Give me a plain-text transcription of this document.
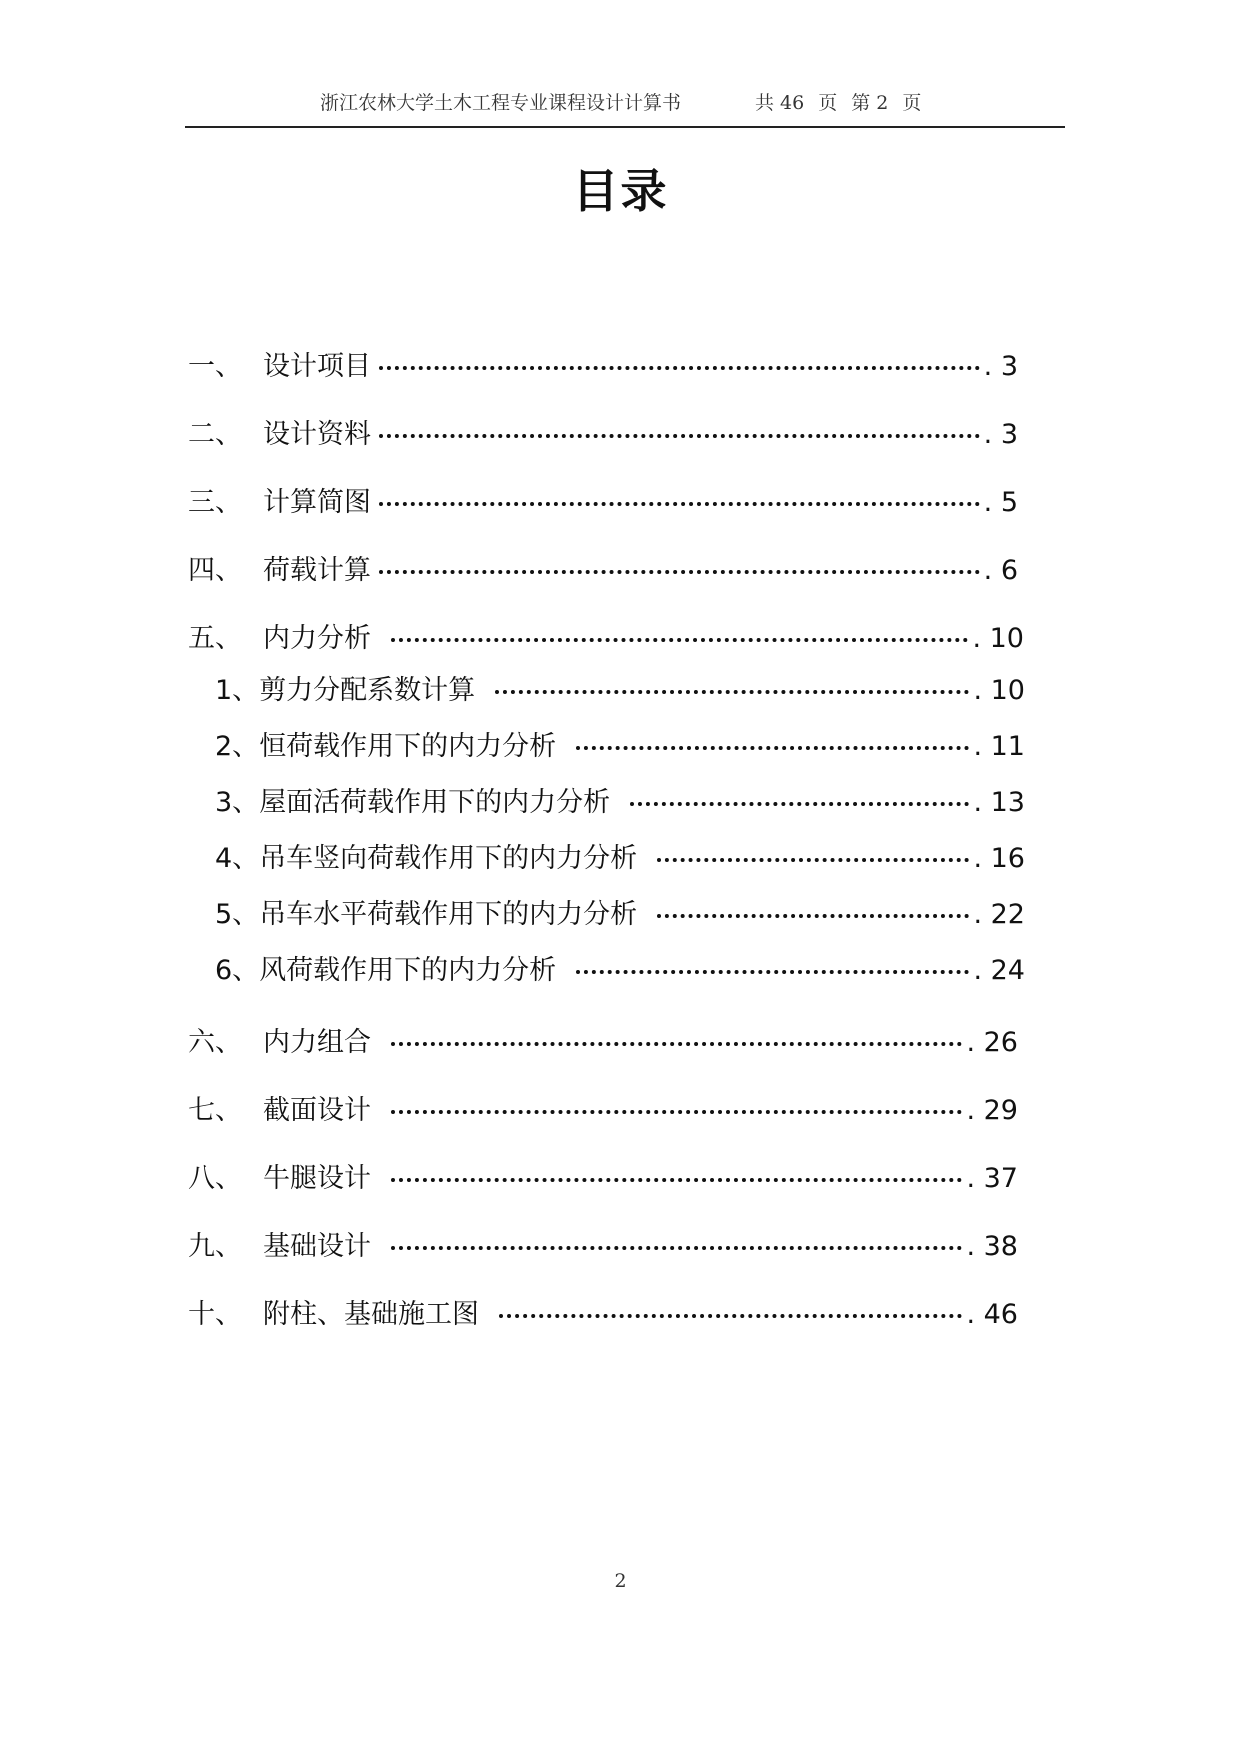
浙江农林大学土木工程专业课程设计计算书	共 46 页 第 2 页
目录
一、 设计项目	. 3
二、 设计资料	. 3
三、 计算简图	. 5
四、 荷载计算	. 6
五、 内力分析	. 10
1、 剪力分配系数计算	. 10
2、 恒荷载作用下的内力分析	. 11
3、 屋面活荷载作用下的内力分析	. 13
4、 吊车竖向荷载作用下的内力分析	. 16
5、 吊车水平荷载作用下的内力分析	. 22
6、 风荷载作用下的内力分析	. 24
六、 内力组合	. 26
七、 截面设计	. 29
八、 牛腿设计	. 37
九、 基础设计	. 38
十、 附柱、基础施工图	. 46
2
